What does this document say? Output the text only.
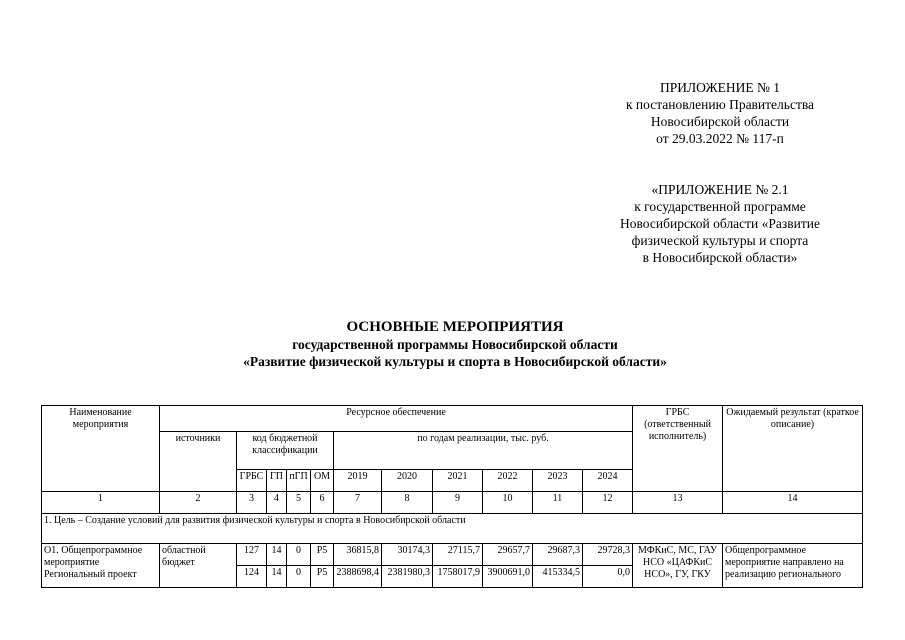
ПРИЛОЖЕНИЕ № 1
к постановлению Правительства
Новосибирской области
от 29.03.2022 № 117-п
«ПРИЛОЖЕНИЕ № 2.1
к государственной программе
Новосибирской области «Развитие
физической культуры и спорта
в Новосибирской области»
ОСНОВНЫЕ МЕРОПРИЯТИЯ
государственной программы Новосибирской области
«Развитие физической культуры и спорта в Новосибирской области»
Наименование мероприятия	Ресурсное обеспечение											ГРБС (ответственный исполнитель)	Ожидаемый результат (краткое описание)
	источники	код бюджетной классификации				по годам реализации, тыс. руб.							
		ГРБС	ГП	пГП	ОМ	2019	2020	2021	2022	2023	2024		
1	2	3	4	5	6	7	8	9	10	11	12	13	14
1. Цель – Создание условий для развития физической культуры и спорта в Новосибирской области													
О1. Общепрограммное мероприятие Региональный проект	областной бюджет	127	14	0	Р5	36815,8	30174,3	27115,7	29657,7	29687,3	29728,3	МФКиС, МС, ГАУ НСО «ЦАФКиС НСО», ГУ, ГКУ	Общепрограммное мероприятие направлено на реализацию регионального
		124	14	0	Р5	2388698,4	2381980,3	1758017,9	3900691,0	415334,5	0,0		
